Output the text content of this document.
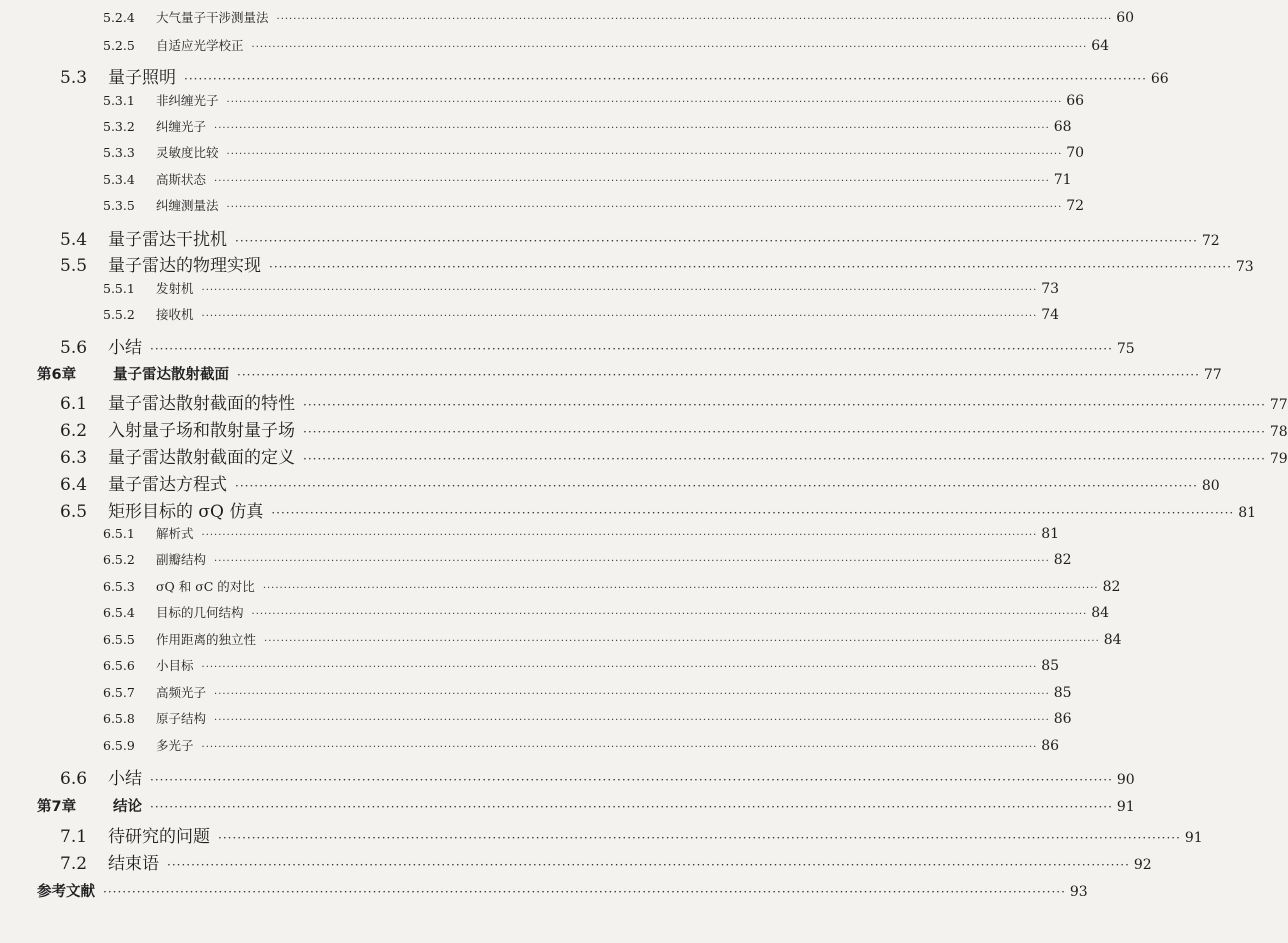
5.2.4	大气量子干涉测量法 ········································································································································································································ 60
5.2.5	自适应光学校正 ········································································································································································································ 64
5.3	量子照明 ········································································································································································································ 66
5.3.1	非纠缠光子 ········································································································································································································ 66
5.3.2	纠缠光子 ········································································································································································································ 68
5.3.3	灵敏度比较 ········································································································································································································ 70
5.3.4	高斯状态 ········································································································································································································ 71
5.3.5	纠缠测量法 ········································································································································································································ 72
5.4	量子雷达干扰机 ········································································································································································································ 72
5.5	量子雷达的物理实现 ········································································································································································································ 73
5.5.1	发射机 ········································································································································································································ 73
5.5.2	接收机 ········································································································································································································ 74
5.6	小结 ········································································································································································································ 75
第6章	量子雷达散射截面 ········································································································································································································ 77
6.1	量子雷达散射截面的特性 ········································································································································································································ 77
6.2	入射量子场和散射量子场 ········································································································································································································ 78
6.3	量子雷达散射截面的定义 ········································································································································································································ 79
6.4	量子雷达方程式 ········································································································································································································ 80
6.5	矩形目标的 σQ 仿真 ········································································································································································································ 81
6.5.1	解析式 ········································································································································································································ 81
6.5.2	副瓣结构 ········································································································································································································ 82
6.5.3	σQ 和 σC 的对比 ········································································································································································································ 82
6.5.4	目标的几何结构 ········································································································································································································ 84
6.5.5	作用距离的独立性 ········································································································································································································ 84
6.5.6	小目标 ········································································································································································································ 85
6.5.7	高频光子 ········································································································································································································ 85
6.5.8	原子结构 ········································································································································································································ 86
6.5.9	多光子 ········································································································································································································ 86
6.6	小结 ········································································································································································································ 90
第7章	结论 ········································································································································································································ 91
7.1	待研究的问题 ········································································································································································································ 91
7.2	结束语 ········································································································································································································ 92
参考文献 ········································································································································································································ 93
